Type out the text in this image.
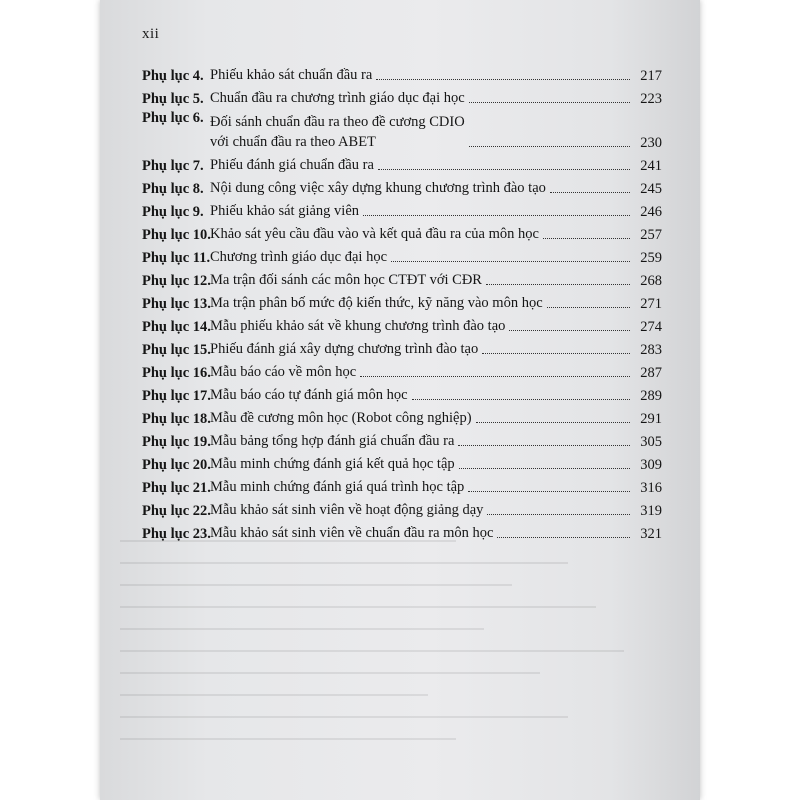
xii
Phụ lục 4. Phiếu khảo sát chuẩn đầu ra	217
Phụ lục 5. Chuẩn đầu ra chương trình giáo dục đại học	223
Phụ lục 6. Đối sánh chuẩn đầu ra theo đề cương CDIO
với chuẩn đầu ra theo ABET	230
Phụ lục 7. Phiếu đánh giá chuẩn đầu ra	241
Phụ lục 8. Nội dung công việc xây dựng khung chương trình đào tạo	245
Phụ lục 9. Phiếu khảo sát giảng viên	246
Phụ lục 10. Khảo sát yêu cầu đầu vào và kết quả đầu ra của môn học	257
Phụ lục 11. Chương trình giáo dục đại học	259
Phụ lục 12. Ma trận đối sánh các môn học CTĐT với CĐR	268
Phụ lục 13. Ma trận phân bố mức độ kiến thức, kỹ năng vào môn học	271
Phụ lục 14. Mẫu phiếu khảo sát về khung chương trình đào tạo	274
Phụ lục 15. Phiếu đánh giá xây dựng chương trình đào tạo	283
Phụ lục 16. Mẫu báo cáo về môn học	287
Phụ lục 17. Mẫu báo cáo tự đánh giá môn học	289
Phụ lục 18. Mẫu đề cương môn học (Robot công nghiệp)	291
Phụ lục 19. Mẫu bảng tổng hợp đánh giá chuẩn đầu ra	305
Phụ lục 20. Mẫu minh chứng đánh giá kết quả học tập	309
Phụ lục 21. Mẫu minh chứng đánh giá quá trình học tập	316
Phụ lục 22. Mẫu khảo sát sinh viên về hoạt động giảng dạy	319
Phụ lục 23. Mẫu khảo sát sinh viên về chuẩn đầu ra môn học	321
